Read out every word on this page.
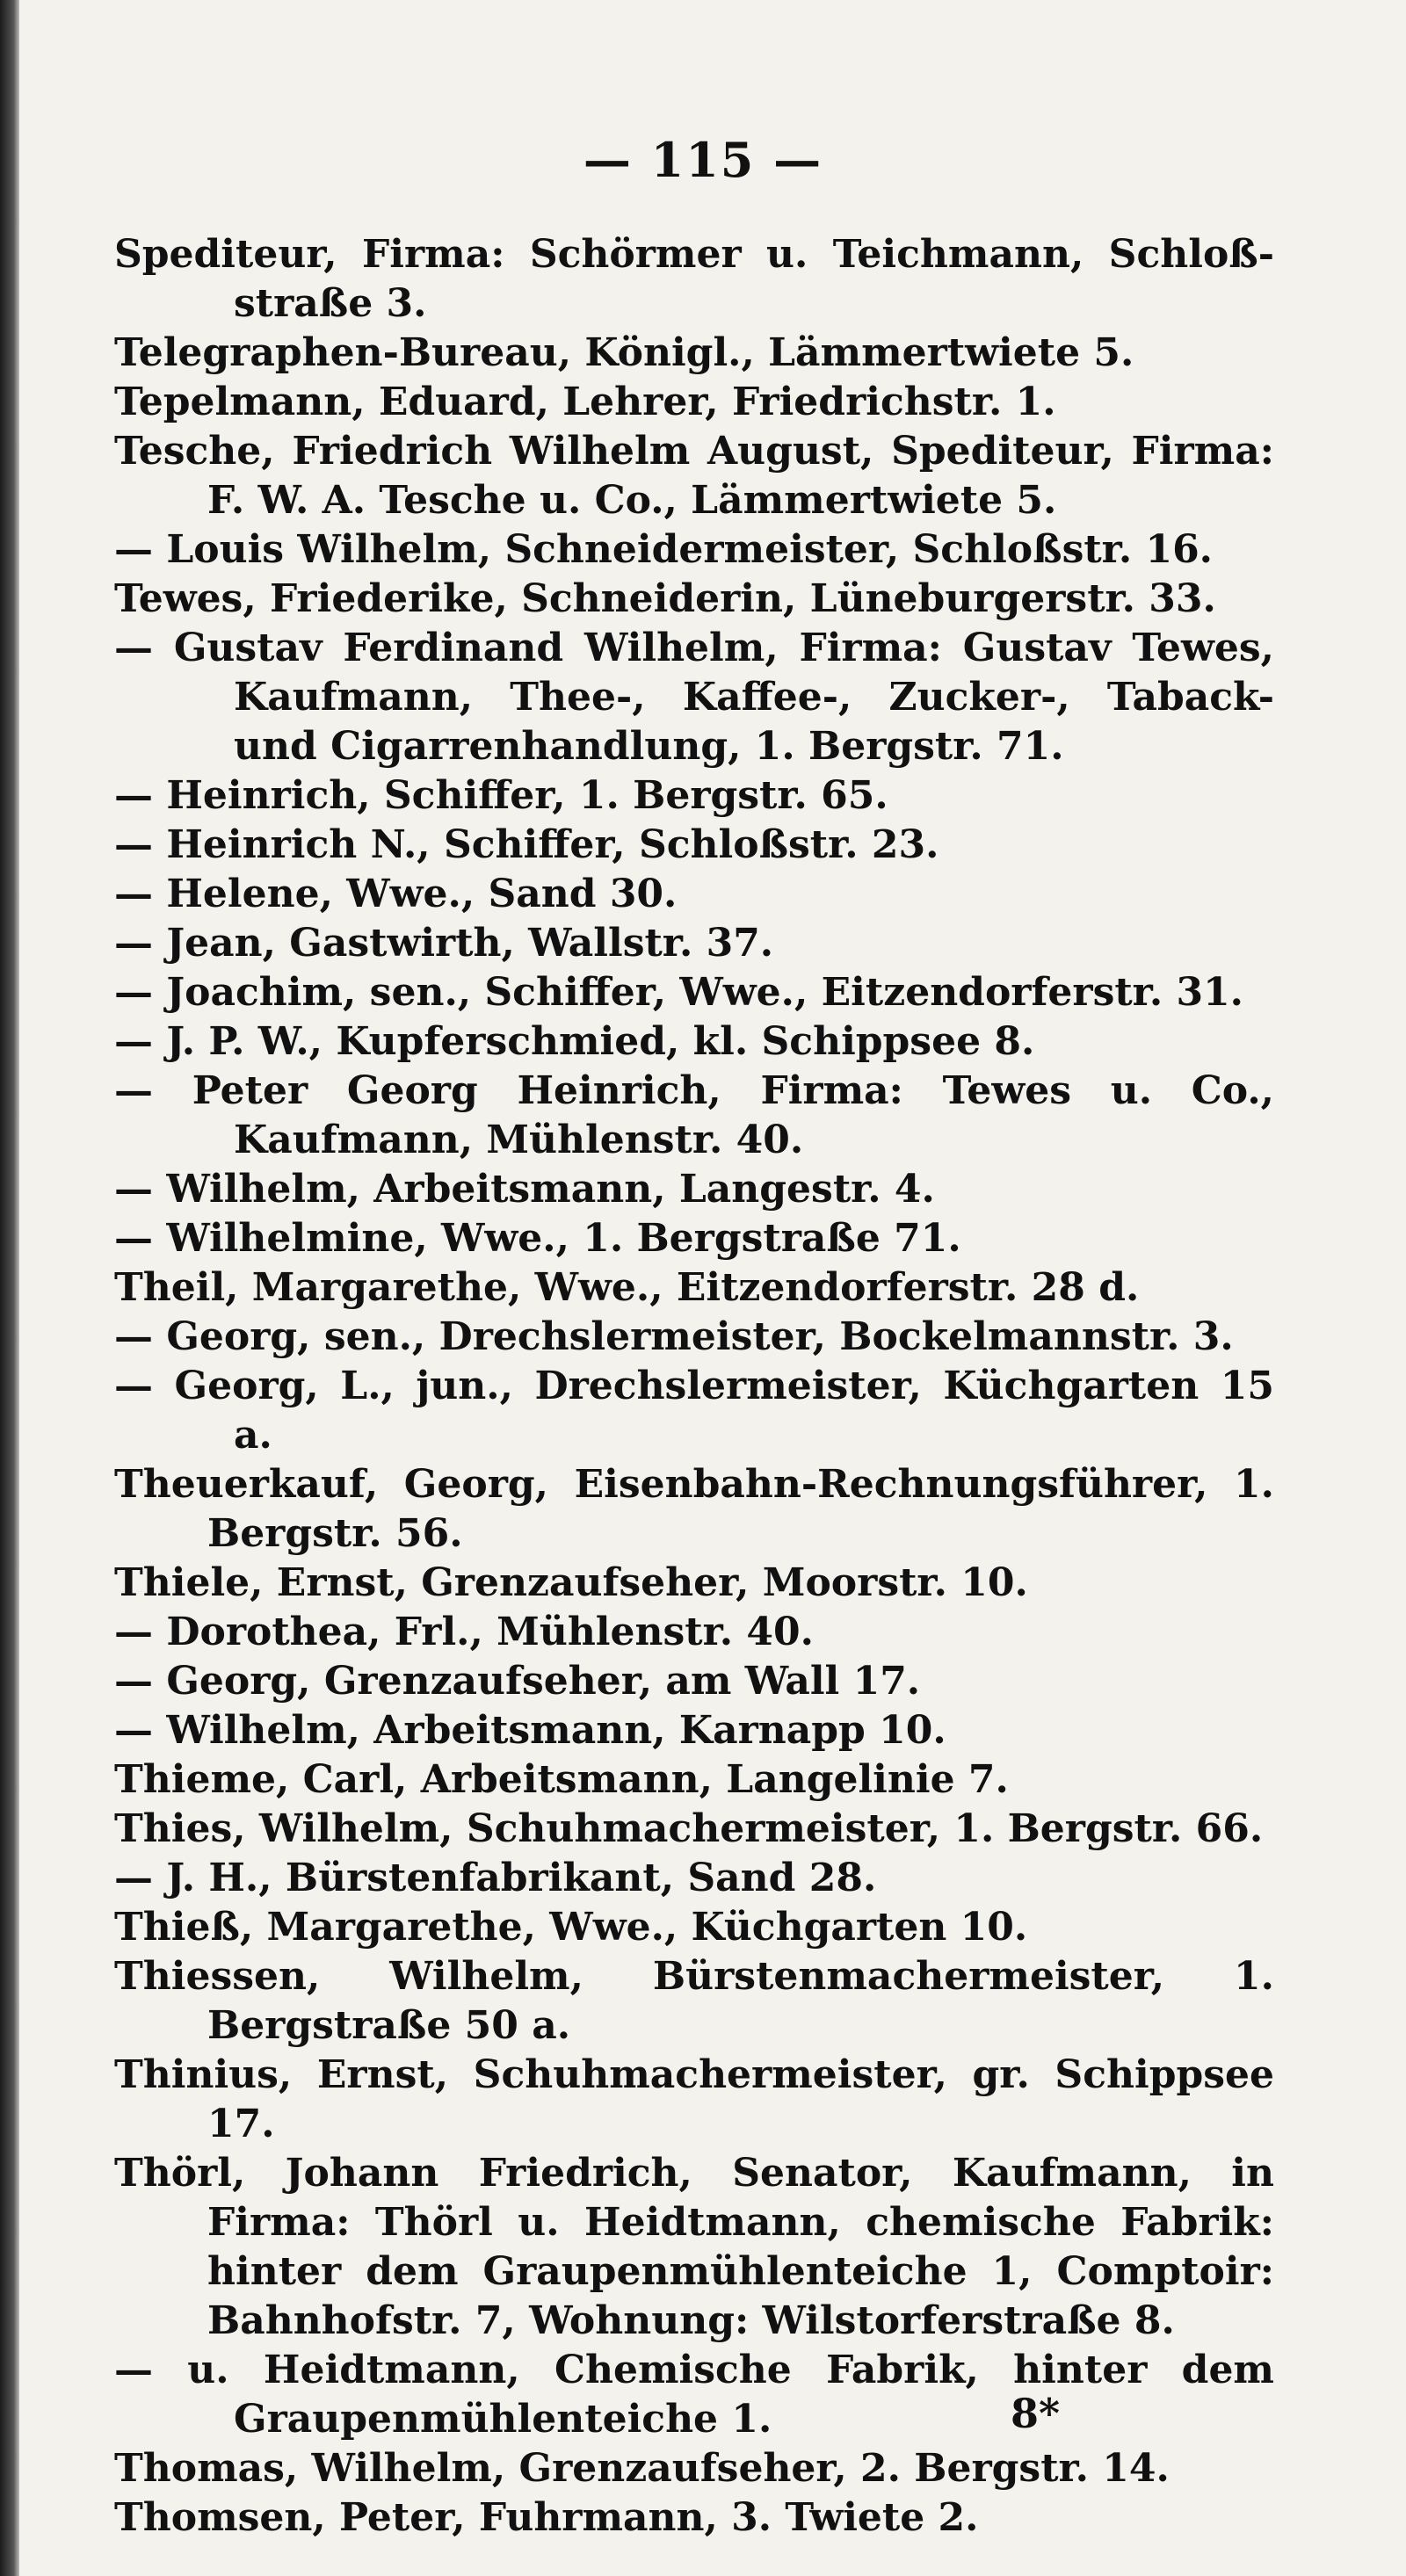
— 115 —

Spediteur, Firma: Schörmer u. Teichmann, Schloß-straße 3.

Telegraphen-Bureau, Königl., Lämmertwiete 5.

Tepelmann, Eduard, Lehrer, Friedrichstr. 1.

Tesche, Friedrich Wilhelm August, Spediteur, Firma: F. W. A. Tesche u. Co., Lämmertwiete 5.

— Louis Wilhelm, Schneidermeister, Schloßstr. 16.

Tewes, Friederike, Schneiderin, Lüneburgerstr. 33.

— Gustav Ferdinand Wilhelm, Firma: Gustav Tewes, Kaufmann, Thee-, Kaffee-, Zucker-, Taback- und Cigarrenhandlung, 1. Bergstr. 71.

— Heinrich, Schiffer, 1. Bergstr. 65.

— Heinrich N., Schiffer, Schloßstr. 23.

— Helene, Wwe., Sand 30.

— Jean, Gastwirth, Wallstr. 37.

— Joachim, sen., Schiffer, Wwe., Eitzendorferstr. 31.

— J. P. W., Kupferschmied, kl. Schippsee 8.

— Peter Georg Heinrich, Firma: Tewes u. Co., Kaufmann, Mühlenstr. 40.

— Wilhelm, Arbeitsmann, Langestr. 4.

— Wilhelmine, Wwe., 1. Bergstraße 71.

Theil, Margarethe, Wwe., Eitzendorferstr. 28 d.

— Georg, sen., Drechslermeister, Bockelmannstr. 3.

— Georg, L., jun., Drechslermeister, Küchgarten 15 a.

Theuerkauf, Georg, Eisenbahn-Rechnungsführer, 1. Bergstr. 56.

Thiele, Ernst, Grenzaufseher, Moorstr. 10.

— Dorothea, Frl., Mühlenstr. 40.

— Georg, Grenzaufseher, am Wall 17.

— Wilhelm, Arbeitsmann, Karnapp 10.

Thieme, Carl, Arbeitsmann, Langelinie 7.

Thies, Wilhelm, Schuhmachermeister, 1. Bergstr. 66.

— J. H., Bürstenfabrikant, Sand 28.

Thieß, Margarethe, Wwe., Küchgarten 10.

Thiessen, Wilhelm, Bürstenmachermeister, 1. Bergstraße 50 a.

Thinius, Ernst, Schuhmachermeister, gr. Schippsee 17.

Thörl, Johann Friedrich, Senator, Kaufmann, in Firma: Thörl u. Heidtmann, chemische Fabrik: hinter dem Graupenmühlenteiche 1, Comptoir: Bahnhofstr. 7, Wohnung: Wilstorferstraße 8.

— u. Heidtmann, Chemische Fabrik, hinter dem Graupenmühlenteiche 1.

Thomas, Wilhelm, Grenzaufseher, 2. Bergstr. 14.

Thomsen, Peter, Fuhrmann, 3. Twiete 2.

8*
